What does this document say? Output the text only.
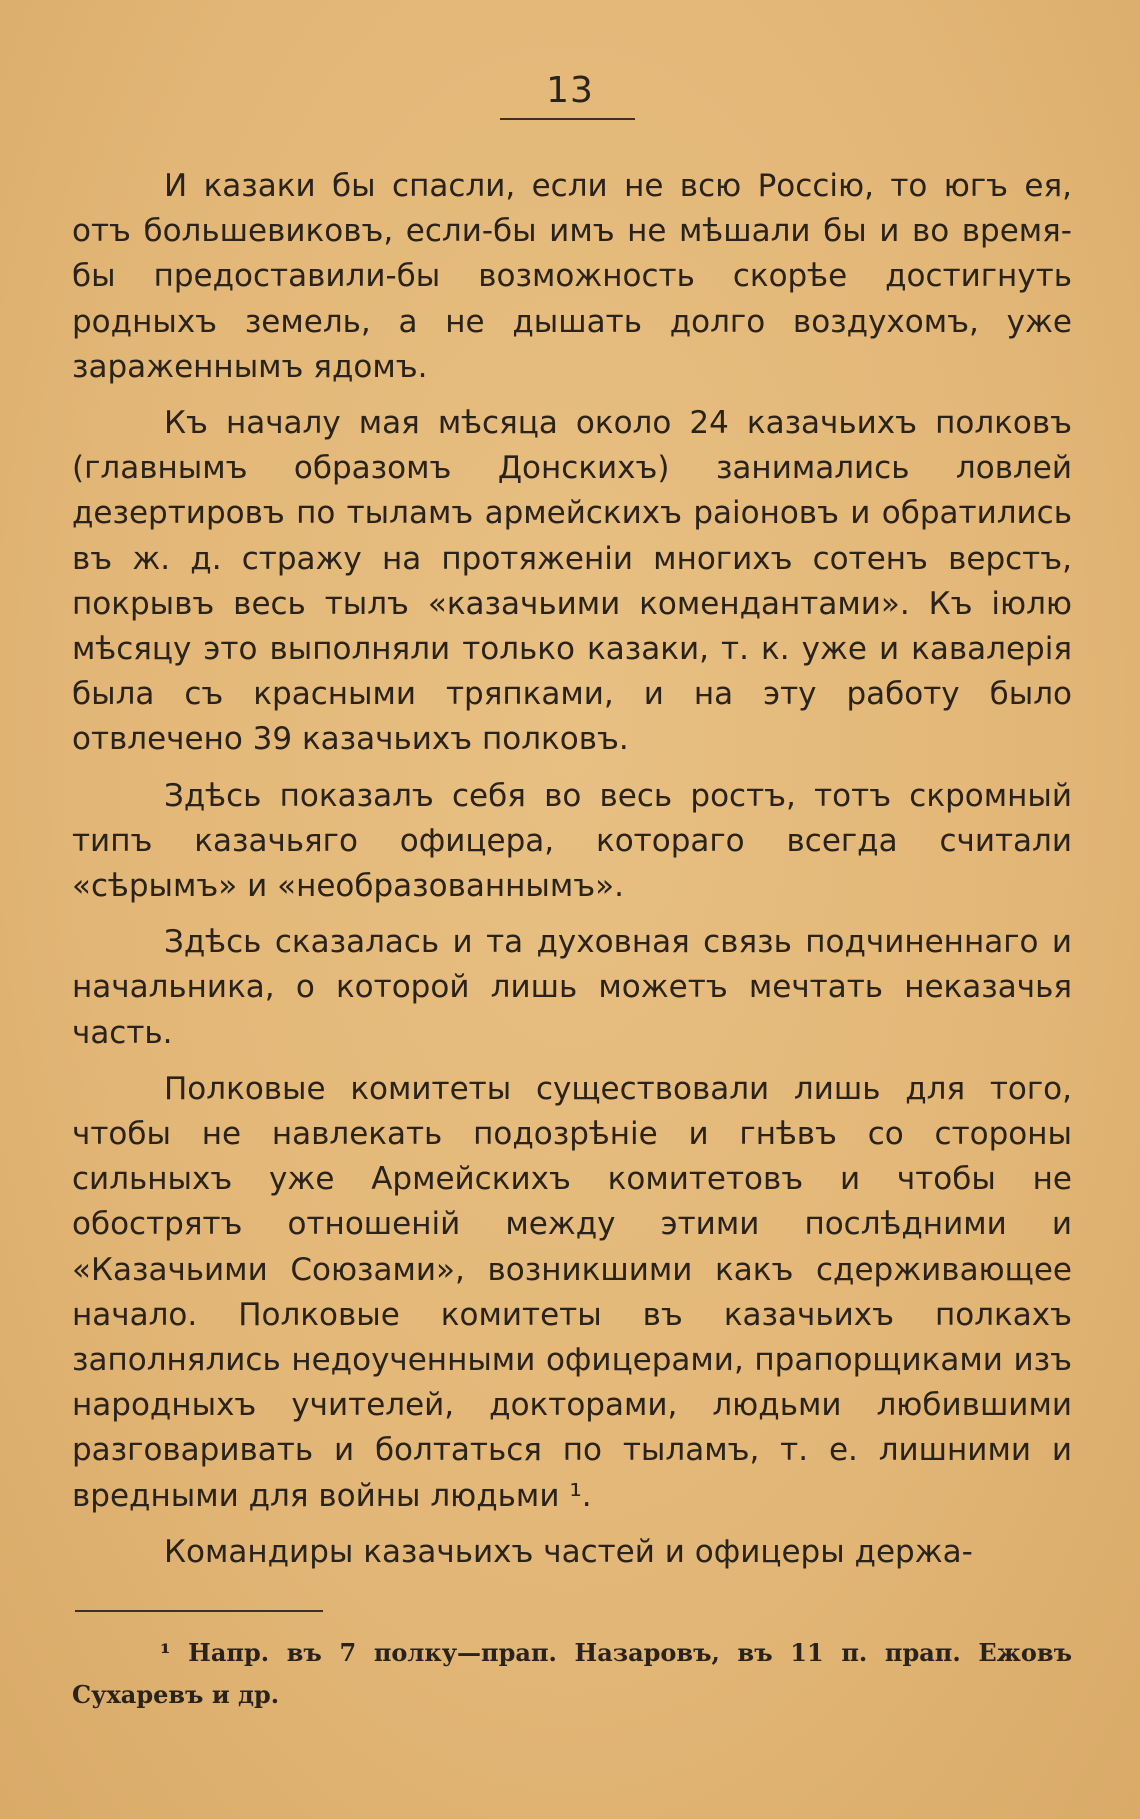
13

И казаки бы спасли, если не всю Россію, то югъ ея, отъ большевиковъ, если-бы имъ не мѣшали бы и во время-бы предоставили-бы возможность скорѣе достигнуть родныхъ земель, а не дышать долго воздухомъ, уже зараженнымъ ядомъ.

Къ началу мая мѣсяца около 24 казачьихъ полковъ (главнымъ образомъ Донскихъ) занимались ловлей дезертировъ по тыламъ армейскихъ раіоновъ и обратились въ ж. д. стражу на протяженіи многихъ сотенъ верстъ, покрывъ весь тылъ «казачьими комендантами». Къ іюлю мѣсяцу это выполняли только казаки, т. к. уже и кавалерія была съ красными тряпками, и на эту работу было отвлечено 39 казачьихъ полковъ.

Здѣсь показалъ себя во весь ростъ, тотъ скромный типъ казачьяго офицера, котораго всегда считали «сѣрымъ» и «необразованнымъ».

Здѣсь сказалась и та духовная связь подчиненнаго и начальника, о которой лишь можетъ мечтать неказачья часть.

Полковые комитеты существовали лишь для того, чтобы не навлекать подозрѣніе и гнѣвъ со стороны сильныхъ уже Армейскихъ комитетовъ и чтобы не обострятъ отношеній между этими послѣдними и «Казачьими Союзами», возникшими какъ сдерживающее начало. Полковые комитеты въ казачьихъ полкахъ заполнялись недоученными офицерами, прапорщиками изъ народныхъ учителей, докторами, людьми любившими разговаривать и болтаться по тыламъ, т. е. лишними и вредными для войны людьми ¹.

Командиры казачьихъ частей и офицеры держа-

¹ Напр. въ 7 полку—прап. Назаровъ, въ 11 п. прап. Ежовъ Сухаревъ и др.
